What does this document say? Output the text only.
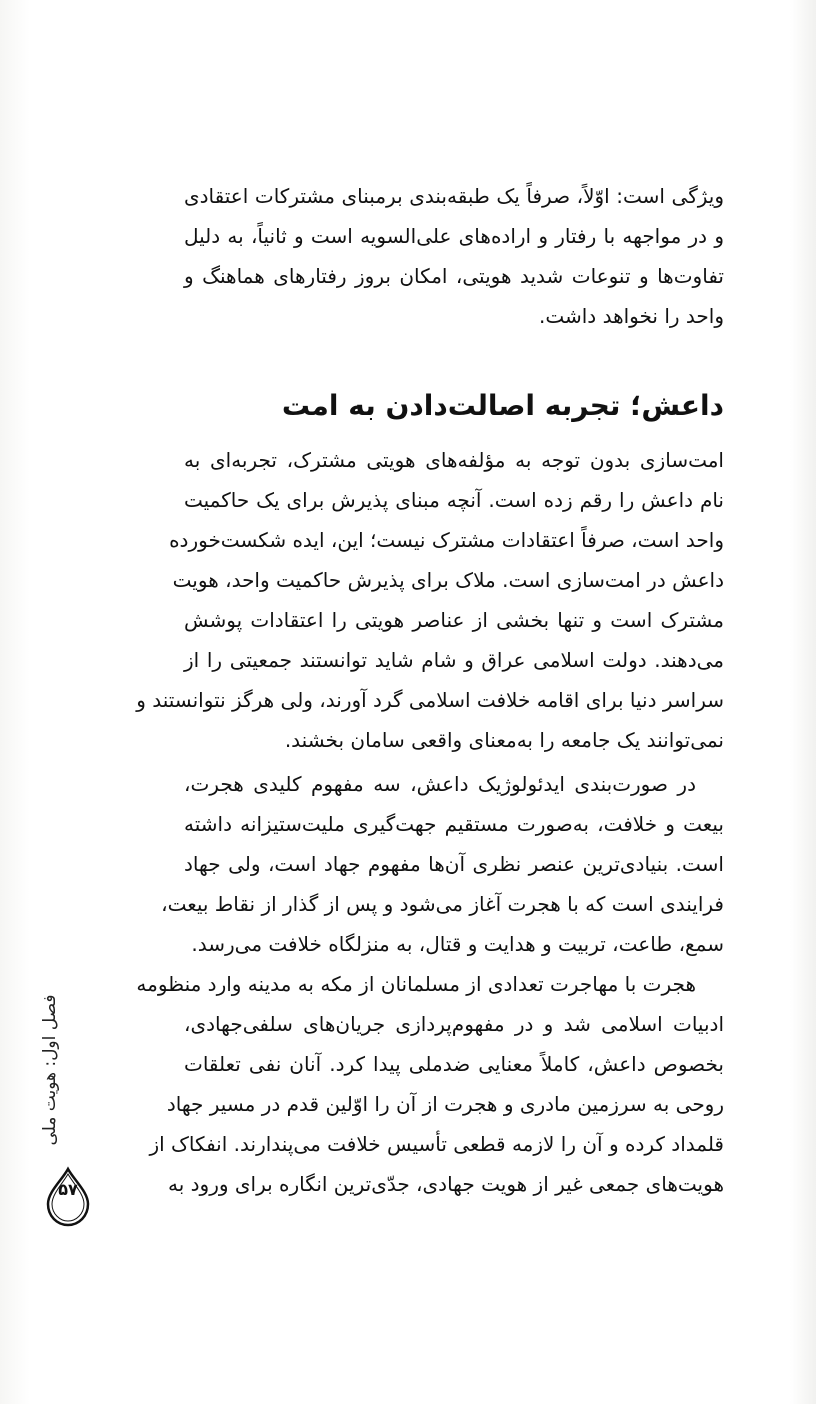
ویژگی است: اوّلاً، صرفاً یک طبقه‌بندی برمبنای مشترکات اعتقادی
و در مواجهه با رفتار و اراده‌های علی‌السویه است و ثانیاً، به دلیل
تفاوت‌ها و تنوعات شدید هویتی، امکان بروز رفتارهای هماهنگ و
واحد را نخواهد داشت.
داعش؛ تجربه اصالت‌دادن به امت
امت‌سازی بدون توجه به مؤلفه‌های هویتی مشترک، تجربه‌ای به
نام داعش را رقم زده است. آنچه مبنای پذیرش برای یک حاکمیت
واحد است، صرفاً اعتقادات مشترک نیست؛ این، ایده شکست‌خورده
داعش در امت‌سازی است. ملاک برای پذیرش حاکمیت واحد، هویت
مشترک است و تنها بخشی از عناصر هویتی را اعتقادات پوشش
می‌دهند. دولت اسلامی عراق و شام شاید توانستند جمعیتی را از
سراسر دنیا برای اقامه خلافت اسلامی گرد آورند، ولی هرگز نتوانستند و
نمی‌توانند یک جامعه را به‌معنای واقعی سامان بخشند.
در صورت‌بندی ایدئولوژیک داعش، سه مفهوم کلیدی هجرت،
بیعت و خلافت، به‌صورت مستقیم جهت‌گیری ملیت‌ستیزانه داشته
است. بنیادی‌ترین عنصر نظری آن‌ها مفهوم جهاد است، ولی جهاد
فرایندی است که با هجرت آغاز می‌شود و پس از گذار از نقاط بیعت،
سمع، طاعت، تربیت و هدایت و قتال، به منزلگاه خلافت می‌رسد.
هجرت با مهاجرت تعدادی از مسلمانان از مکه به مدینه وارد منظومه
ادبیات اسلامی شد و در مفهوم‌پردازی جریان‌های سلفی‌جهادی،
بخصوص داعش، کاملاً معنایی ضدملی پیدا کرد. آنان نفی تعلقات
روحی به سرزمین مادری و هجرت از آن را اوّلین قدم در مسیر جهاد
قلمداد کرده و آن را لازمه قطعی تأسیس خلافت می‌پندارند. انفکاک از
هویت‌های جمعی غیر از هویت جهادی، جدّی‌ترین انگاره برای ورود به
فصل اول: هویت ملی
۵۷
